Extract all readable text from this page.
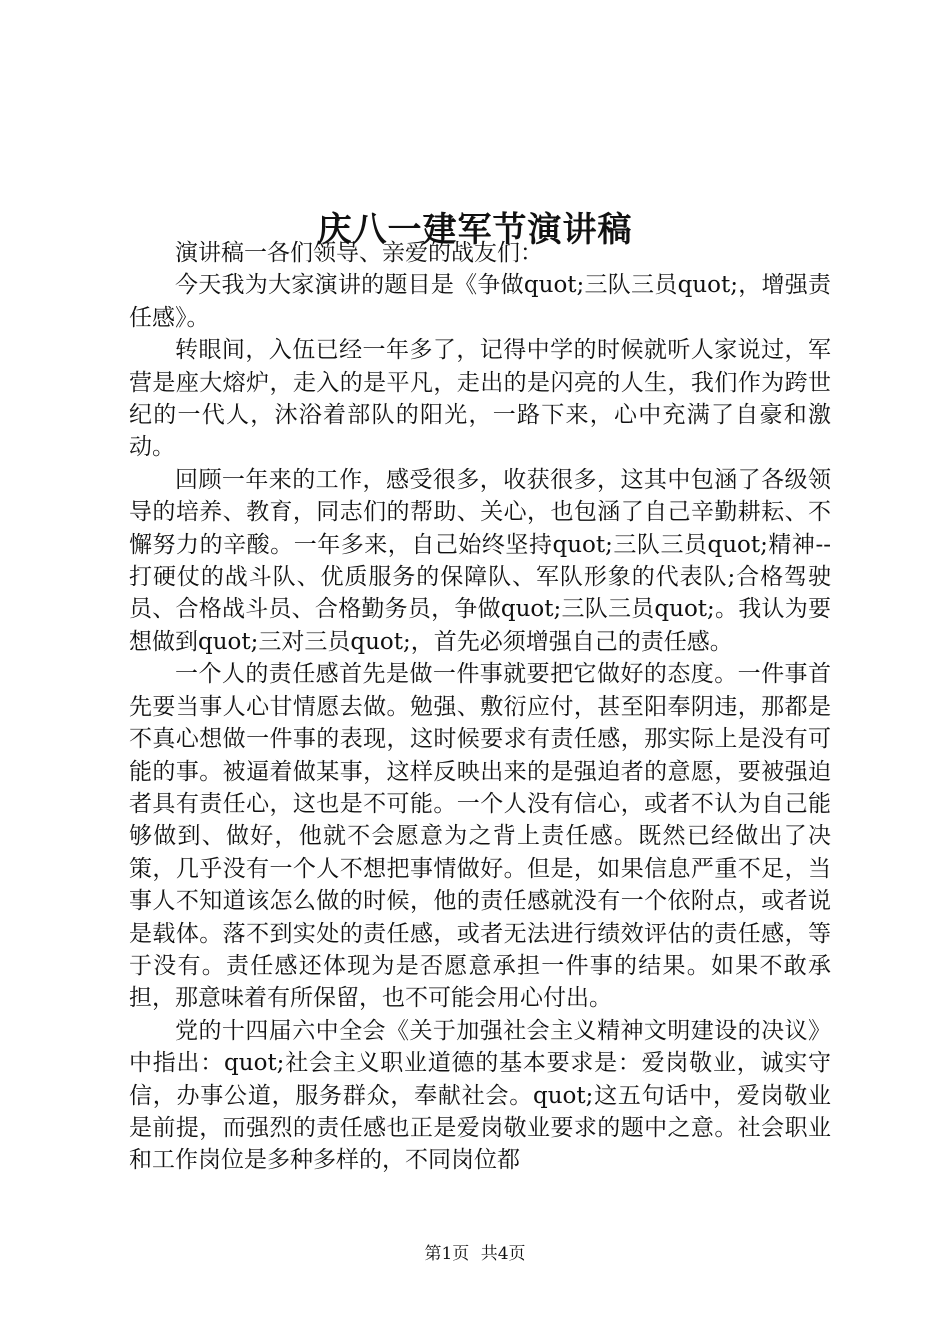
庆八一建军节演讲稿

演讲稿一各们领导、亲爱的战友们：

今天我为大家演讲的题目是《争做quot;三队三员quot;，增强责任感》。

转眼间，入伍已经一年多了，记得中学的时候就听人家说过，军营是座大熔炉，走入的是平凡，走出的是闪亮的人生，我们作为跨世纪的一代人，沐浴着部队的阳光，一路下来，心中充满了自豪和激动。

回顾一年来的工作，感受很多，收获很多，这其中包涵了各级领导的培养、教育，同志们的帮助、关心，也包涵了自己辛勤耕耘、不懈努力的辛酸。一年多来，自己始终坚持quot;三队三员quot;精神--打硬仗的战斗队、优质服务的保障队、军队形象的代表队;合格驾驶员、合格战斗员、合格勤务员，争做quot;三队三员quot;。我认为要想做到quot;三对三员quot;，首先必须增强自己的责任感。

一个人的责任感首先是做一件事就要把它做好的态度。一件事首先要当事人心甘情愿去做。勉强、敷衍应付，甚至阳奉阴违，那都是不真心想做一件事的表现，这时候要求有责任感，那实际上是没有可能的事。被逼着做某事，这样反映出来的是强迫者的意愿，要被强迫者具有责任心，这也是不可能。一个人没有信心，或者不认为自己能够做到、做好，他就不会愿意为之背上责任感。既然已经做出了决策，几乎没有一个人不想把事情做好。但是，如果信息严重不足，当事人不知道该怎么做的时候，他的责任感就没有一个依附点，或者说是载体。落不到实处的责任感，或者无法进行绩效评估的责任感，等于没有。责任感还体现为是否愿意承担一件事的结果。如果不敢承担，那意味着有所保留，也不可能会用心付出。

党的十四届六中全会《关于加强社会主义精神文明建设的决议》中指出：quot;社会主义职业道德的基本要求是：爱岗敬业，诚实守信，办事公道，服务群众，奉献社会。quot;这五句话中，爱岗敬业是前提，而强烈的责任感也正是爱岗敬业要求的题中之意。社会职业和工作岗位是多种多样的，不同岗位都

第1页 共4页
